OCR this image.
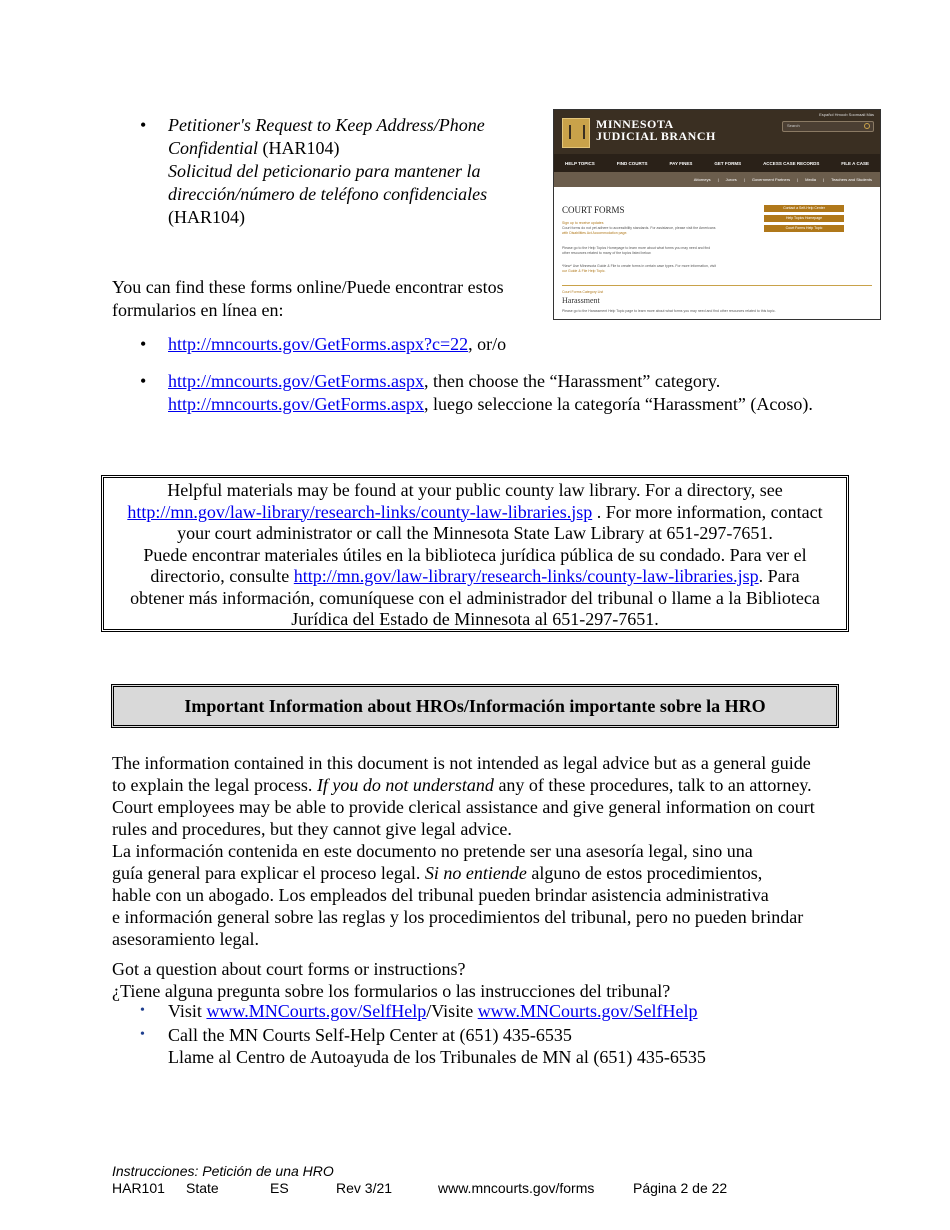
• Petitioner's Request to Keep Address/Phone Confidential (HAR104)
Solicitud del peticionario para mantener la
dirección/número de teléfono confidenciales
(HAR104)
Español Hmoob Soomaali Más
MINNESOTA
JUDICIAL BRANCH
Search
HELP TOPICS	FIND COURTS	PAY FINES	GET FORMS	ACCESS CASE RECORDS	FILE A CASE
Attorneys | Jurors | Government Partners | Media | Teachers and Students
COURT FORMS
Sign up to receive updates
Court forms do not yet adhere to accessibility standards. For assistance, please visit the Americans
with Disabilities Act Accommodation page.
Please go to the Help Topics Homepage to learn more about what forms you may need and find
other resources related to many of the topics listed below.
*New* Use Minnesota Guide & File to create forms in certain case types. For more information, visit
our Guide & File Help Topic.
Contact a Self-Help Center
Help Topics Homepage
Court Forms Help Topic
Court Forms Category List
Harassment
Please go to the Harassment Help Topic page to learn more about what forms you may need and find other resources related to this topic.
You can find these forms online/Puede encontrar estos
formularios en línea en:
• http://mncourts.gov/GetForms.aspx?c=22, or/o
• http://mncourts.gov/GetForms.aspx, then choose the “Harassment” category.
http://mncourts.gov/GetForms.aspx, luego seleccione la categoría “Harassment” (Acoso).
Helpful materials may be found at your public county law library. For a directory, see
http://mn.gov/law-library/research-links/county-law-libraries.jsp . For more information, contact
your court administrator or call the Minnesota State Law Library at 651-297-7651.
Puede encontrar materiales útiles en la biblioteca jurídica pública de su condado. Para ver el
directorio, consulte http://mn.gov/law-library/research-links/county-law-libraries.jsp. Para
obtener más información, comuníquese con el administrador del tribunal o llame a la Biblioteca
Jurídica del Estado de Minnesota al 651-297-7651.
Important Information about HROs/Información importante sobre la HRO
The information contained in this document is not intended as legal advice but as a general guide
to explain the legal process. If you do not understand any of these procedures, talk to an attorney.
Court employees may be able to provide clerical assistance and give general information on court
rules and procedures, but they cannot give legal advice.
La información contenida en este documento no pretende ser una asesoría legal, sino una
guía general para explicar el proceso legal. Si no entiende alguno de estos procedimientos,
hable con un abogado. Los empleados del tribunal pueden brindar asistencia administrativa
e información general sobre las reglas y los procedimientos del tribunal, pero no pueden brindar
asesoramiento legal.
Got a question about court forms or instructions?
¿Tiene alguna pregunta sobre los formularios o las instrucciones del tribunal?
• Visit www.MNCourts.gov/SelfHelp/Visite www.MNCourts.gov/SelfHelp
• Call the MN Courts Self-Help Center at (651) 435-6535
Llame al Centro de Autoayuda de los Tribunales de MN al (651) 435-6535
Instrucciones: Petición de una HRO
HAR101 State	ES	Rev 3/21	www.mncourts.gov/forms	Página 2 de 22
